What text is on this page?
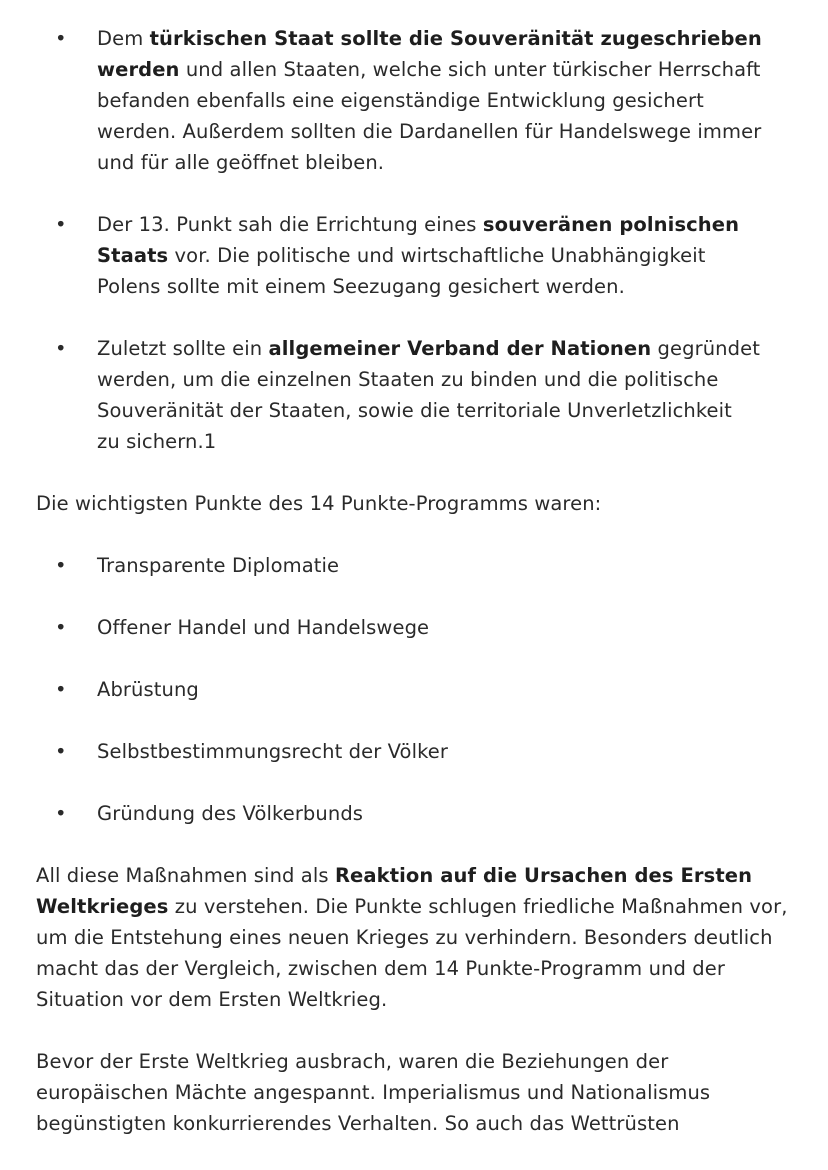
• Dem türkischen Staat sollte die Souveränität zugeschrieben
werden und allen Staaten, welche sich unter türkischer Herrschaft
befanden ebenfalls eine eigenständige Entwicklung gesichert
werden. Außerdem sollten die Dardanellen für Handelswege immer
und für alle geöffnet bleiben.
• Der 13. Punkt sah die Errichtung eines souveränen polnischen
Staats vor. Die politische und wirtschaftliche Unabhängigkeit
Polens sollte mit einem Seezugang gesichert werden.
• Zuletzt sollte ein allgemeiner Verband der Nationen gegründet
werden, um die einzelnen Staaten zu binden und die politische
Souveränität der Staaten, sowie die territoriale Unverletzlichkeit
zu sichern.1
Die wichtigsten Punkte des 14 Punkte-Programms waren:
• Transparente Diplomatie
• Offener Handel und Handelswege
• Abrüstung
• Selbstbestimmungsrecht der Völker
• Gründung des Völkerbunds
All diese Maßnahmen sind als Reaktion auf die Ursachen des Ersten
Weltkrieges zu verstehen. Die Punkte schlugen friedliche Maßnahmen vor,
um die Entstehung eines neuen Krieges zu verhindern. Besonders deutlich
macht das der Vergleich, zwischen dem 14 Punkte-Programm und der
Situation vor dem Ersten Weltkrieg.
Bevor der Erste Weltkrieg ausbrach, waren die Beziehungen der
europäischen Mächte angespannt. Imperialismus und Nationalismus
begünstigten konkurrierendes Verhalten. So auch das Wettrüsten
